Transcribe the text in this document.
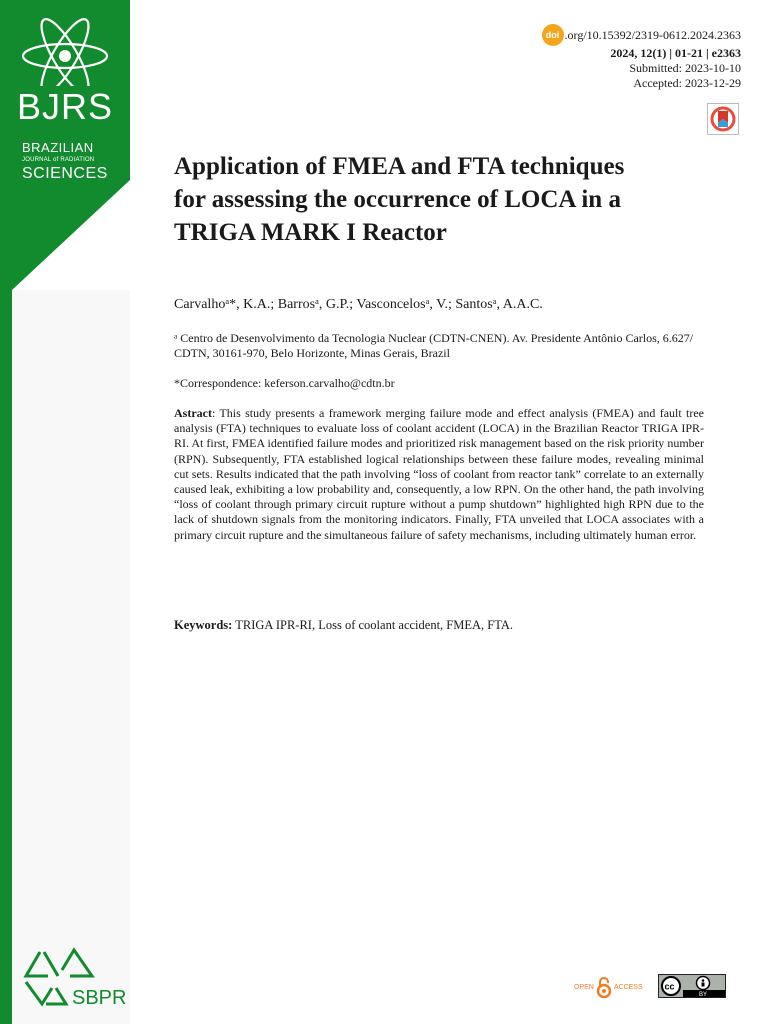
BJRS
BRAZILIAN
JOURNAL of RADIATION
SCIENCES
doi .org/10.15392/2319-0612.2024.2363
2024, 12(1) | 01-21 | e2363
Submitted: 2023-10-10
Accepted: 2023-12-29
Application of FMEA and FTA techniques for assessing the occurrence of LOCA in a TRIGA MARK I Reactor
Carvalhoᵃ*, K.A.; Barrosᵃ, G.P.; Vasconcelosᵃ, V.; Santosᵃ, A.A.C.
ᵃ Centro de Desenvolvimento da Tecnologia Nuclear (CDTN-CNEN). Av. Presidente Antônio Carlos, 6.627/ CDTN, 30161-970, Belo Horizonte, Minas Gerais, Brazil
*Correspondence: keferson.carvalho@cdtn.br
Astract: This study presents a framework merging failure mode and effect analysis (FMEA) and fault tree analysis (FTA) techniques to evaluate loss of coolant accident (LOCA) in the Brazilian Reactor TRIGA IPR-RI. At first, FMEA identified failure modes and prioritized risk management based on the risk priority number (RPN). Subsequently, FTA established logical relationships between these failure modes, revealing minimal cut sets. Results indicated that the path involving “loss of coolant from reactor tank” correlate to an externally caused leak, exhibiting a low probability and, consequently, a low RPN. On the other hand, the path involving “loss of coolant through primary circuit rupture without a pump shutdown” highlighted high RPN due to the lack of shutdown signals from the monitoring indicators. Finally, FTA unveiled that LOCA associates with a primary circuit rupture and the simultaneous failure of safety mechanisms, including ultimately human error.
Keywords: TRIGA IPR-RI, Loss of coolant accident, FMEA, FTA.
SBPR	OPEN	ACCESS cc
BY
